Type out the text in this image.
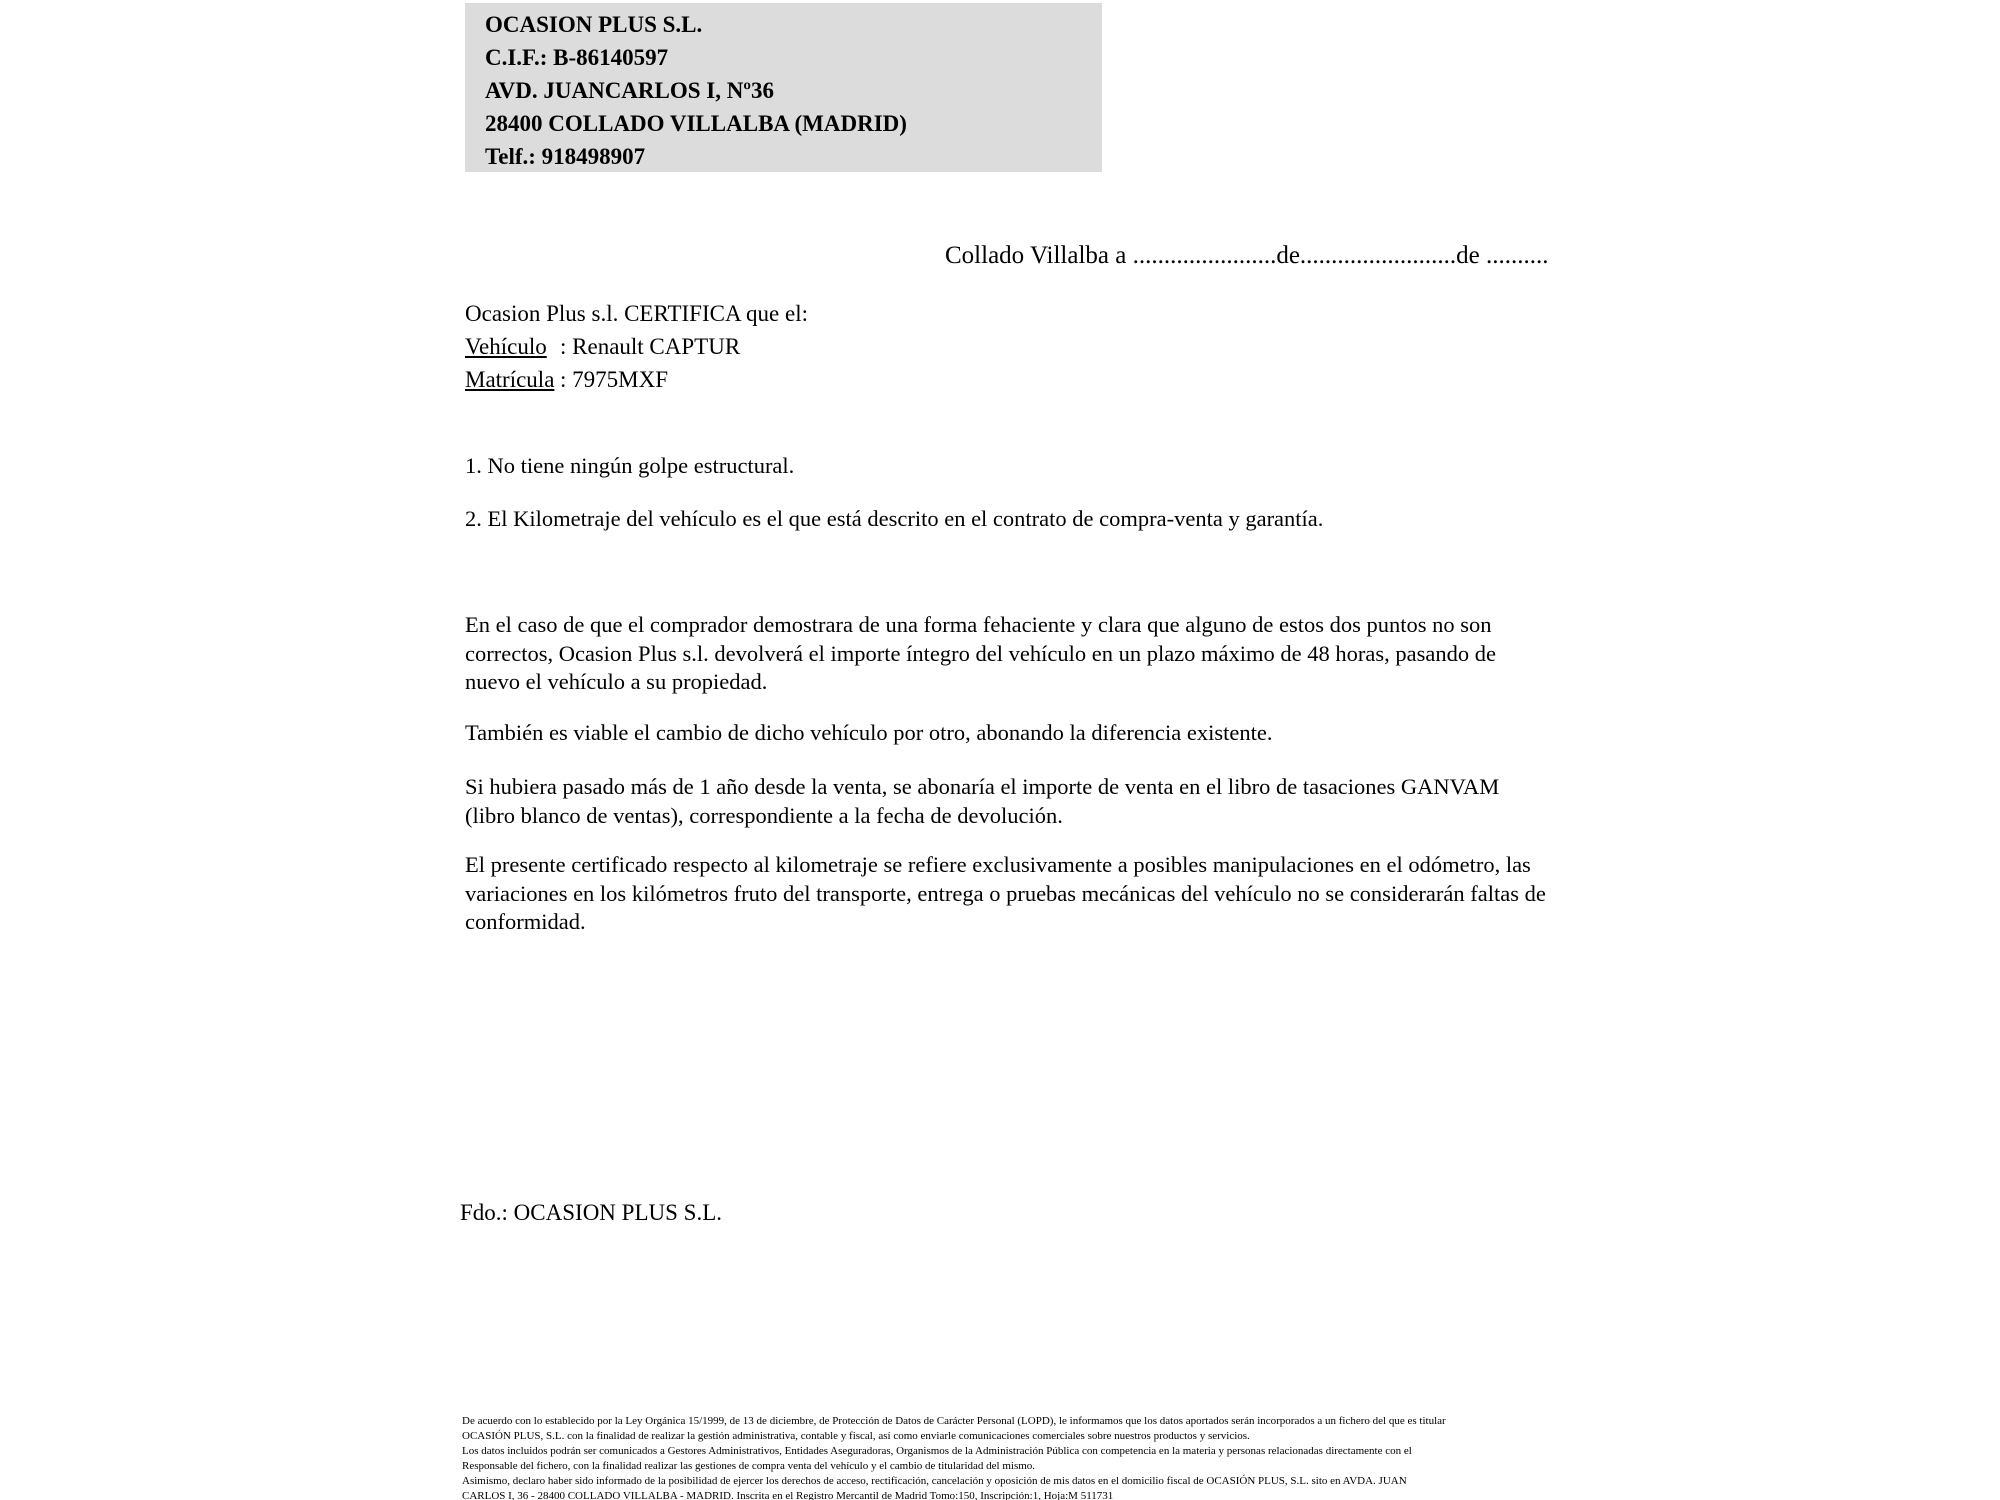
OCASION PLUS S.L.
C.I.F.: B-86140597
AVD. JUANCARLOS I, Nº36
28400 COLLADO VILLALBA (MADRID)
Telf.: 918498907
Collado Villalba a .......................de.........................de ..........
Ocasion Plus s.l. CERTIFICA que el:
Vehículo : Renault CAPTUR
Matrícula : 7975MXF

1. No tiene ningún golpe estructural.

2. El Kilometraje del vehículo es el que está descrito en el contrato de compra-venta y garantía.

En el caso de que el comprador demostrara de una forma fehaciente y clara que alguno de estos dos puntos no son correctos, Ocasion Plus s.l. devolverá el importe íntegro del vehículo en un plazo máximo de 48 horas, pasando de nuevo el vehículo a su propiedad.

También es viable el cambio de dicho vehículo por otro, abonando la diferencia existente.

Si hubiera pasado más de 1 año desde la venta, se abonaría el importe de venta en el libro de tasaciones GANVAM (libro blanco de ventas), correspondiente a la fecha de devolución.

El presente certificado respecto al kilometraje se refiere exclusivamente a posibles manipulaciones en el odómetro, las variaciones en los kilómetros fruto del transporte, entrega o pruebas mecánicas del vehículo no se considerarán faltas de conformidad.

Fdo.: OCASION PLUS S.L.
De acuerdo con lo establecido por la Ley Orgánica 15/1999, de 13 de diciembre, de Protección de Datos de Carácter Personal (LOPD), le informamos que los datos aportados serán incorporados a un fichero del que es titular
OCASIÓN PLUS, S.L. con la finalidad de realizar la gestión administrativa, contable y fiscal, así como enviarle comunicaciones comerciales sobre nuestros productos y servicios.
Los datos incluidos podrán ser comunicados a Gestores Administrativos, Entidades Aseguradoras, Organismos de la Administración Pública con competencia en la materia y personas relacionadas directamente con el
Responsable del fichero, con la finalidad realizar las gestiones de compra venta del vehículo y el cambio de titularidad del mismo.
Asimismo, declaro haber sido informado de la posibilidad de ejercer los derechos de acceso, rectificación, cancelación y oposición de mis datos en el domicilio fiscal de OCASIÓN PLUS, S.L. sito en AVDA. JUAN
CARLOS I, 36 - 28400 COLLADO VILLALBA - MADRID. Inscrita en el Registro Mercantil de Madrid Tomo:150, Inscripción:1, Hoja:M 511731
